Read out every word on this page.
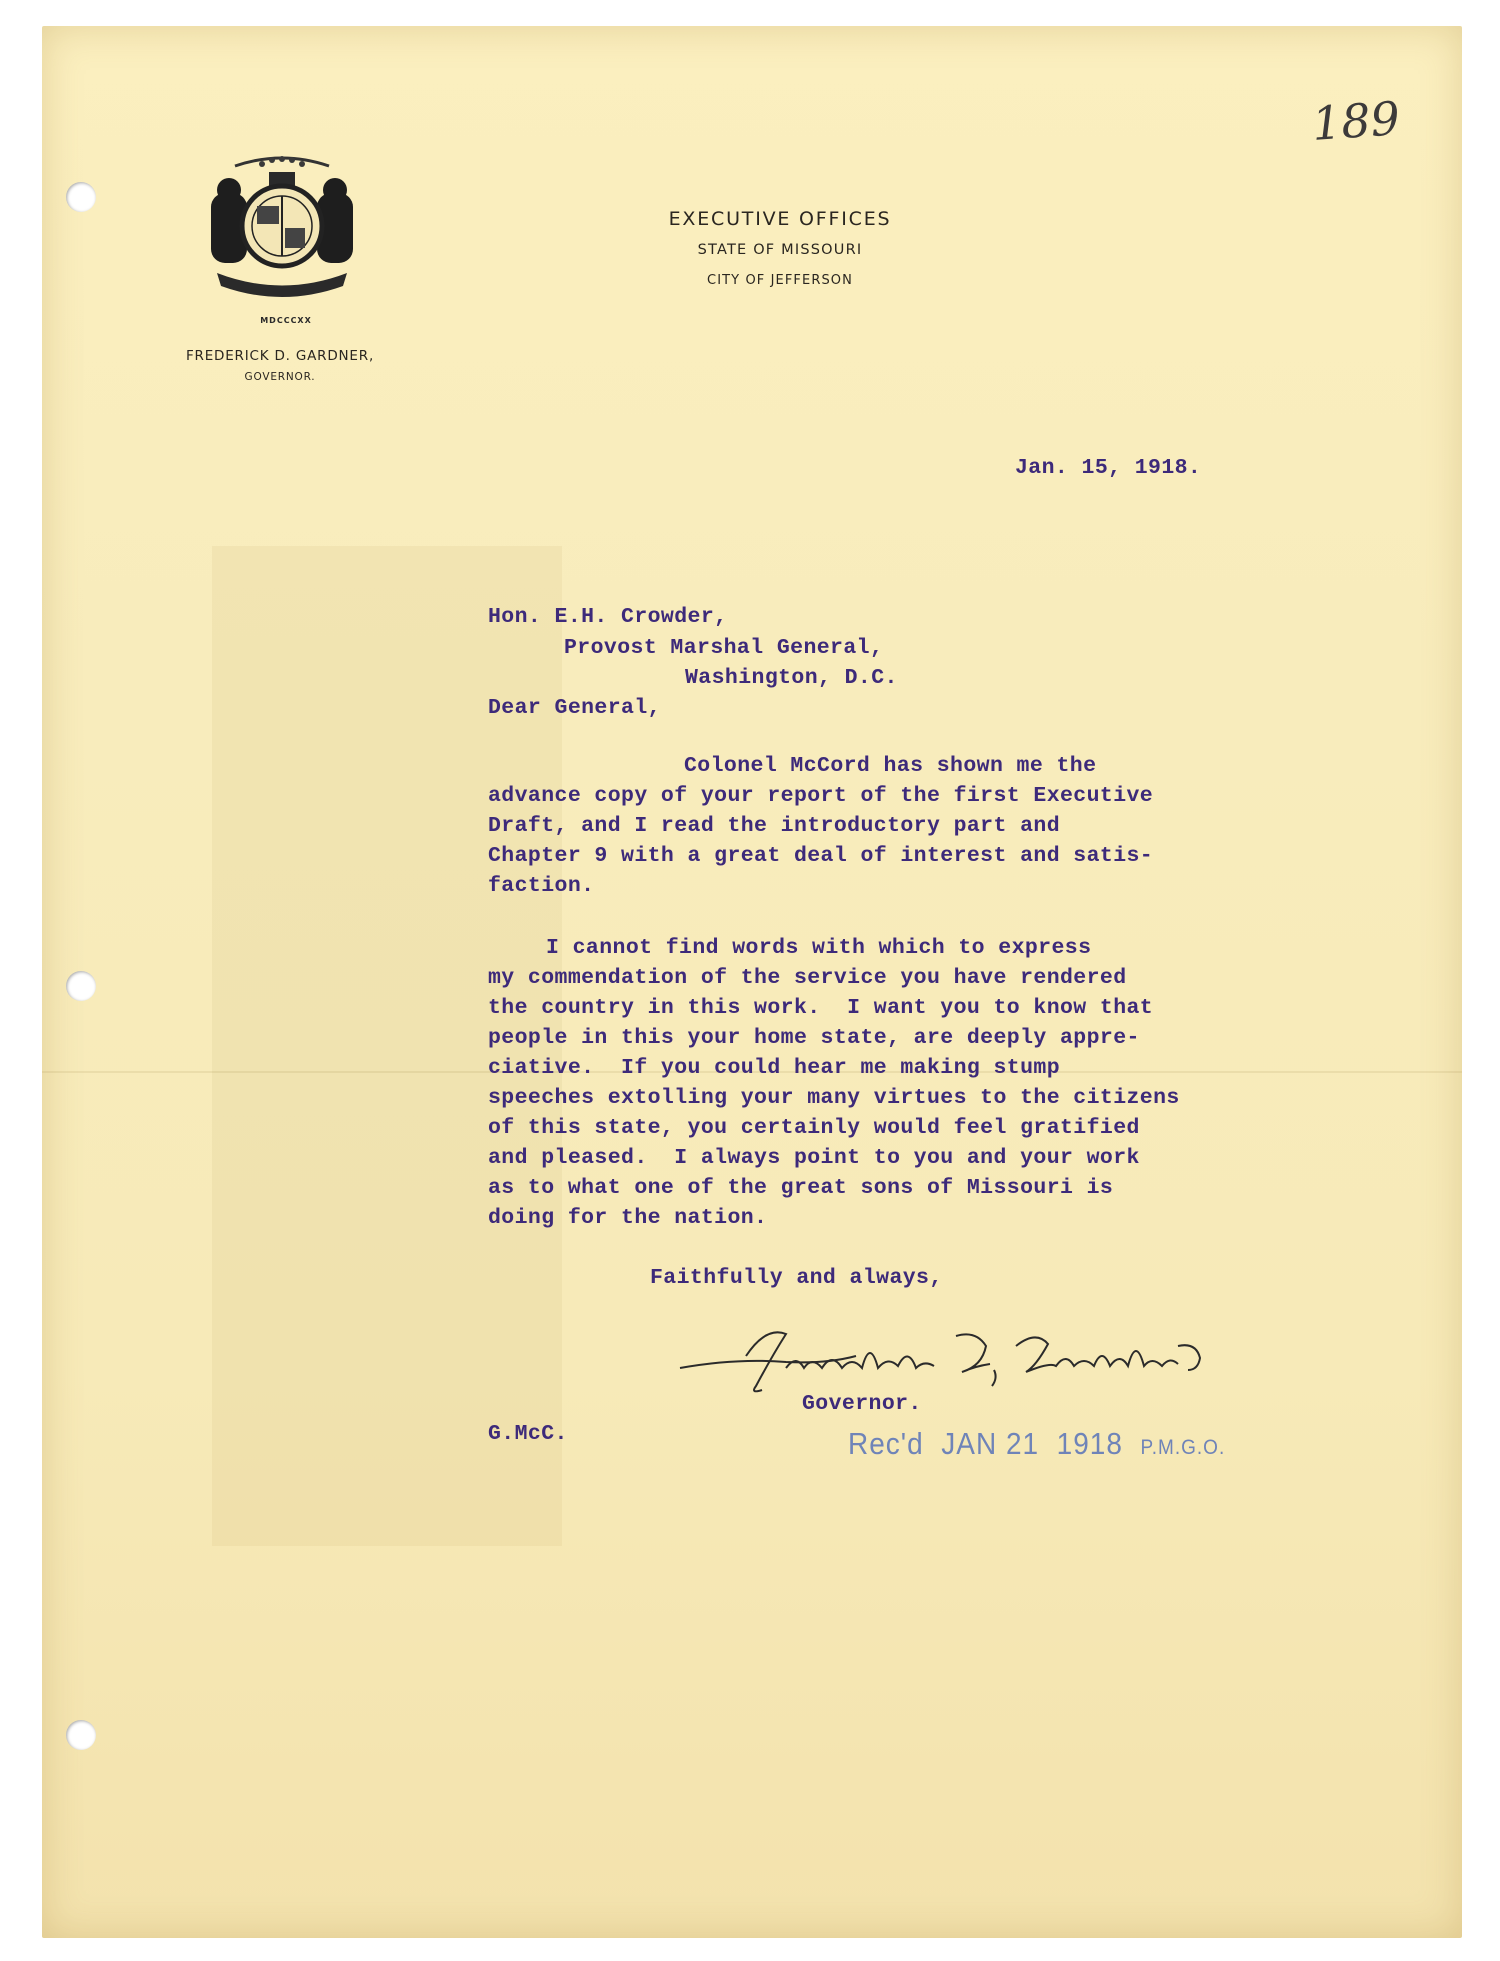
189
MDCCCXX
FREDERICK D. GARDNER,
GOVERNOR.
EXECUTIVE OFFICES
STATE OF MISSOURI
CITY OF JEFFERSON
Jan. 15, 1918.
Hon. E.H. Crowder,
Provost Marshal General,
Washington, D.C.
Dear General,
Colonel McCord has shown me the
advance copy of your report of the first Executive
Draft, and I read the introductory part and
Chapter 9 with a great deal of interest and satis-
faction.
I cannot find words with which to express
my commendation of the service you have rendered
the country in this work.  I want you to know that
people in this your home state, are deeply appre-
ciative.  If you could hear me making stump
speeches extolling your many virtues to the citizens
of this state, you certainly would feel gratified
and pleased.  I always point to you and your work
as to what one of the great sons of Missouri is
doing for the nation.
Faithfully and always,
Governor.
G.McC.	Rec'd JAN 21  1918 P.M.G.O.
